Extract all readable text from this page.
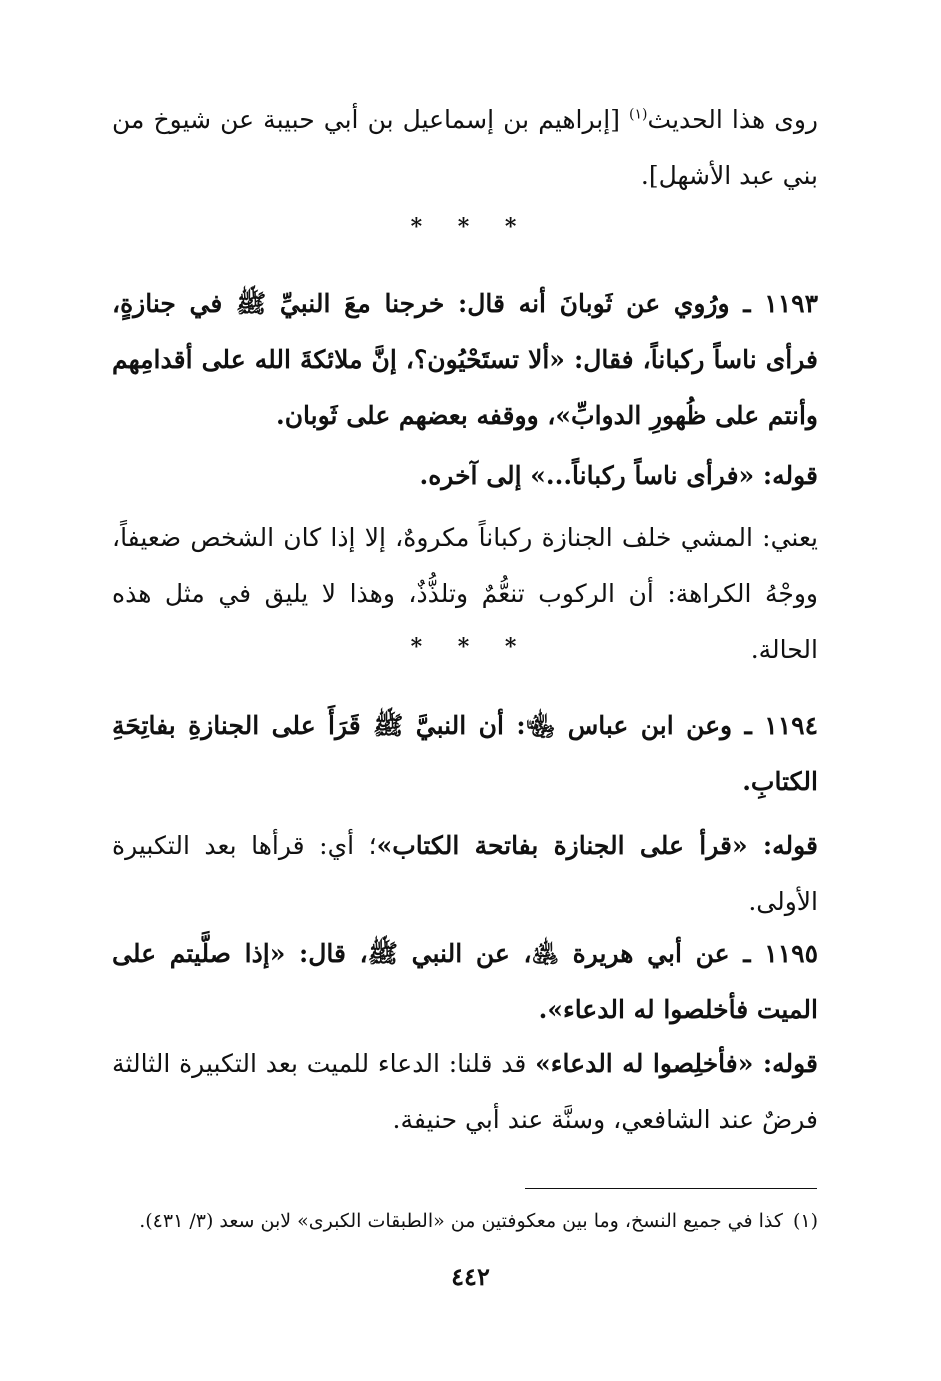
روى هذا الحديث$^{(١)}$ [إبراهيم بن إسماعيل بن أبي حبيبة عن شيوخ من بني عبد الأشهل].

* * *

١١٩٣ ـ ورُوي عن ثَوبانَ أنه قال: خرجنا معَ النبيِّ ﷺ في جنازةٍ، فرأى ناساً ركباناً، فقال: «ألا تستَحْيُون؟، إنَّ ملائكةَ الله على أقدامِهم وأنتم على ظُهورِ الدوابِّ»، ووقفه بعضهم على ثَوبان.

قوله: «فرأى ناساً ركباناً...» إلى آخره.

يعني: المشي خلف الجنازة ركباناً مكروهٌ، إلا إذا كان الشخص ضعيفاً، ووجْهُ الكراهة: أن الركوب تنعُّمٌ وتلذُّذٌ، وهذا لا يليق في مثل هذه الحالة.

* * *

١١٩٤ ـ وعن ابن عباس ﵄: أن النبيَّ ﷺ قَرَأَ على الجنازةِ بفاتِحَةِ الكتابِ.

قوله: «قرأ على الجنازة بفاتحة الكتاب»؛ أي: قرأها بعد التكبيرة الأولى.

١١٩٥ ـ عن أبي هريرة ﵁، عن النبي ﷺ، قال: «إذا صلَّيتم على الميت فأخلصوا له الدعاء».

قوله: «فأخلِصوا له الدعاء» قد قلنا: الدعاء للميت بعد التكبيرة الثالثة فرضٌ عند الشافعي، وسنَّة عند أبي حنيفة.

(١)كذا في جميع النسخ، وما بين معكوفتين من «الطبقات الكبرى» لابن سعد (٣/ ٤٣١).
٤٤٢
